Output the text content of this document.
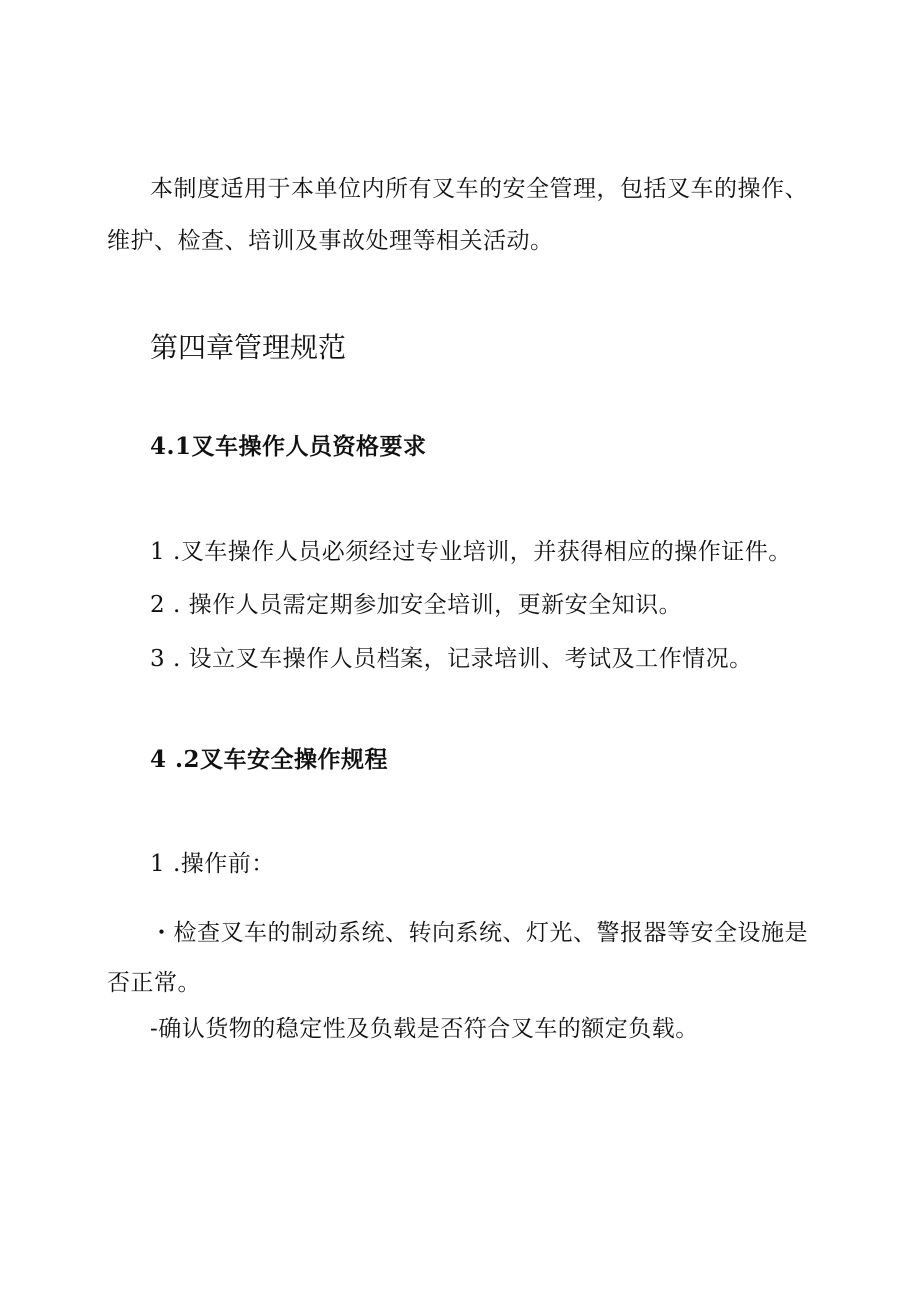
本制度适用于本单位内所有叉车的安全管理，包括叉车的操作、

维护、检查、培训及事故处理等相关活动。

第四章管理规范
4.1叉车操作人员资格要求

1 .叉车操作人员必须经过专业培训，并获得相应的操作证件。

2 . 操作人员需定期参加安全培训，更新安全知识。

3 . 设立叉车操作人员档案，记录培训、考试及工作情况。

4 .2叉车安全操作规程

1 .操作前：

・检查叉车的制动系统、转向系统、灯光、警报器等安全设施是

否正常。

-确认货物的稳定性及负载是否符合叉车的额定负载。
